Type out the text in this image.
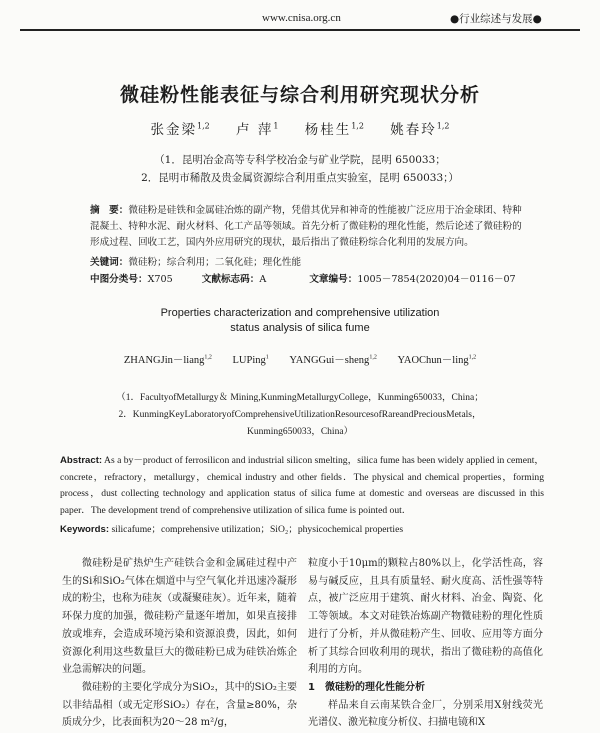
www.cnisa.org.cn	●行业综述与发展●
微硅粉性能表征与综合利用研究现状分析
张金梁$^{1,2}$ 卢 萍$^1$ 杨桂生$^{1,2}$ 姚春玲$^{1,2}$
（1．昆明冶金高等专科学校冶金与矿业学院，昆明 650033；
2．昆明市稀散及贵金属资源综合利用重点实验室，昆明 650033；）
摘　要：微硅粉是硅铁和金属硅冶炼的副产物，凭借其优异和神奇的性能被广泛应用于冶金球团、特种混凝土、特种水泥、耐火材料、化工产品等领域。首先分析了微硅粉的理化性能，然后论述了微硅粉的形成过程、回收工艺，国内外应用研究的现状，最后指出了微硅粉综合化利用的发展方向。
关键词：微硅粉；综合利用；二氧化硅；理化性能
中图分类号：X705	文献标志码：A	文章编号：1005－7854(2020)04－0116－07
Properties characterization and comprehensive utilization
status analysis of silica fume
ZHANGJin－liang$^{1,2}$ LUPing$^1$ YANGGui－sheng$^{1,2}$ YAOChun－ling$^{1,2}$
（1．FacultyofMetallurgy＆ Mining,KunmingMetallurgyCollege，Kunming650033，China；
2．KunmingKeyLaboratoryofComprehensiveUtilizationResourcesofRareandPreciousMetals，
Kunming650033，China）
Abstract: As a by－product of ferrosilicon and industrial silicon smelting，silica fume has been widely applied in cement，concrete，refractory，metallurgy，chemical industry and other fields．The physical and chemical properties，forming process，dust collecting technology and application status of silica fume at domestic and overseas are discussed in this paper．The development trend of comprehensive utilization of silica fume is pointed out．
Keywords: silicafume；comprehensive utilization；SiO₂；physicochemical properties

微硅粉是矿热炉生产硅铁合金和金属硅过程中产生的Si和SiO₂气体在烟道中与空气氧化并迅速冷凝形成的粉尘，也称为硅灰（或凝聚硅灰）。近年来，随着环保力度的加强，微硅粉产量逐年增加，如果直接排放或堆弃，会造成环境污染和资源浪费，因此，如何资源化利用这些数量巨大的微硅粉已成为硅铁冶炼企业急需解决的问题。

微硅粉的主要化学成分为SiO₂，其中的SiO₂主要以非结晶相（或无定形SiO₂）存在，含量≥80%，杂质成分少，比表面积为20～28 m²/g，

粒度小于10μm的颗粒占80%以上，化学活性高，容易与碱反应，且具有质量轻、耐火度高、活性强等特点，被广泛应用于建筑、耐火材料、冶金、陶瓷、化工等领域。本文对硅铁冶炼副产物微硅粉的理化性质进行了分析，并从微硅粉产生、回收、应用等方面分析了其综合回收利用的现状，指出了微硅粉的高值化利用的方向。

1　微硅粉的理化性能分析

样品来自云南某铁合金厂，分别采用X射线荧光光谱仪、激光粒度分析仪、扫描电镜和X
